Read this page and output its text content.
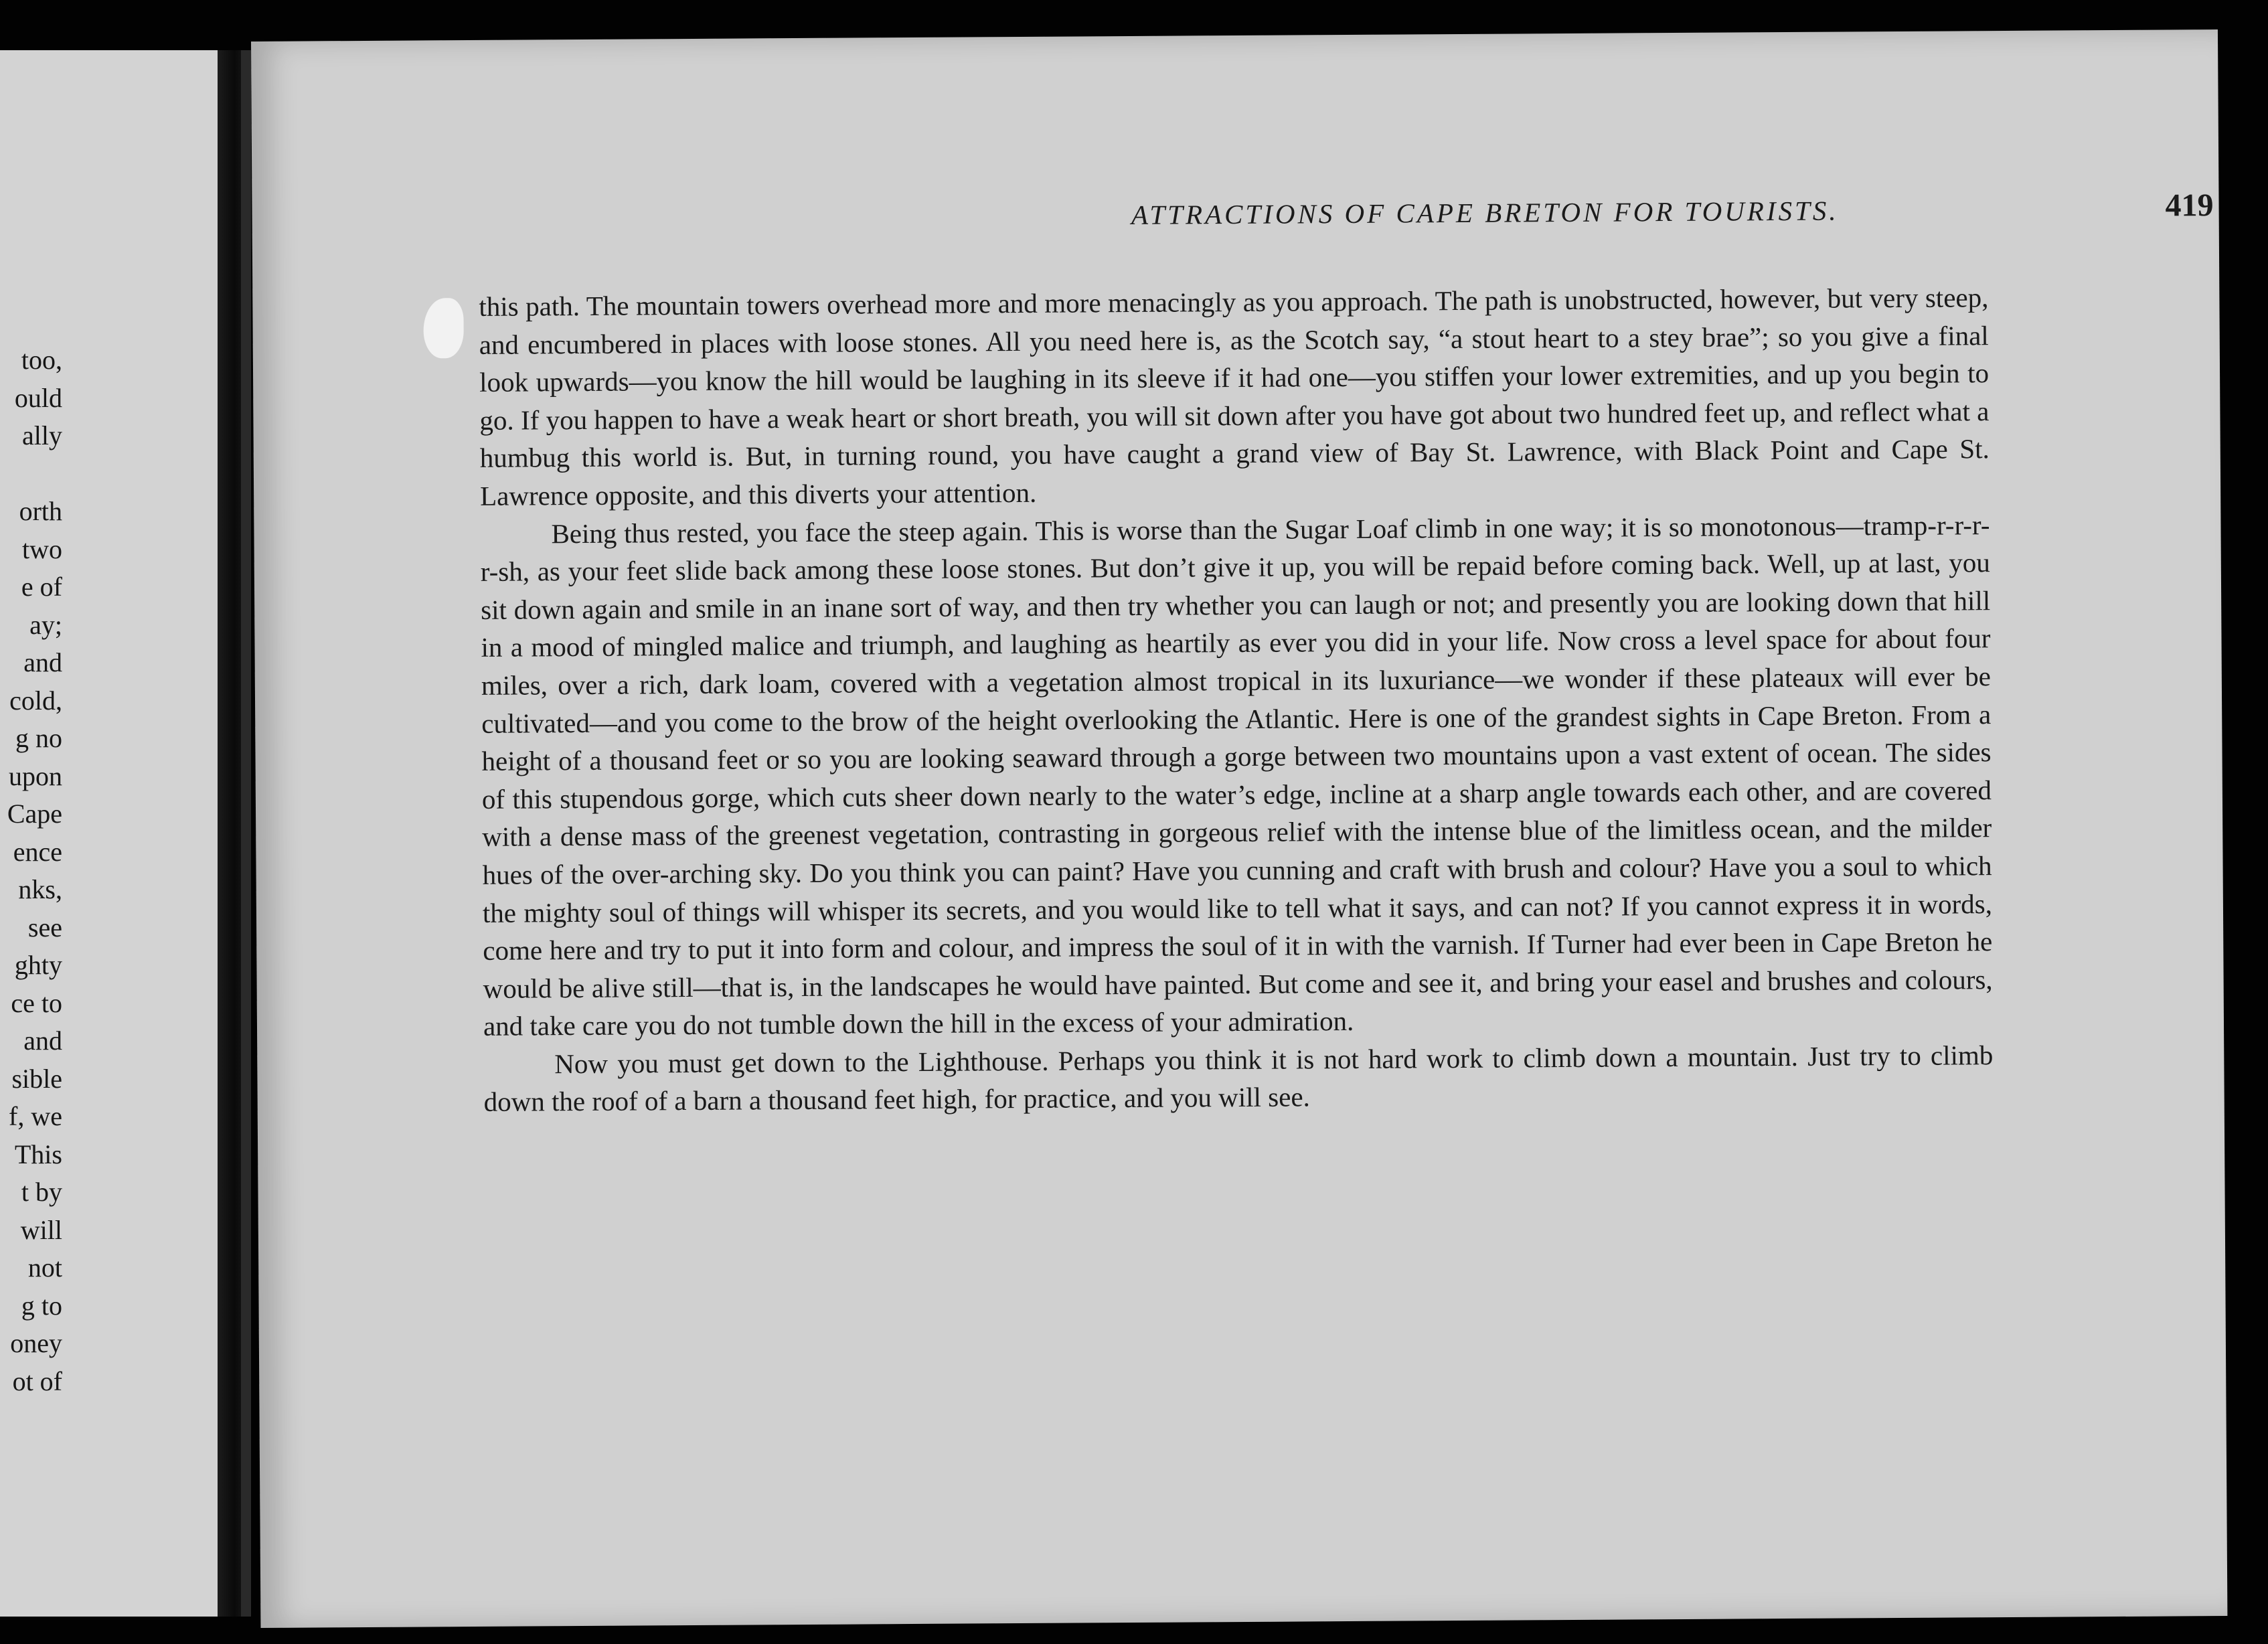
too,
ould
ally
orth
two
e of
ay;
and
cold,
g no
upon
Cape
ence
nks,
see
ghty
ce to
and
sible
f, we
This
t by
will
not
g to
oney
ot of
ATTRACTIONS OF CAPE BRETON FOR TOURISTS.	419

this path. The mountain towers overhead more and more menacingly as you approach. The path is unobstructed, however, but very steep, and encumbered in places with loose stones. All you need here is, as the Scotch say, “a stout heart to a stey brae”; so you give a final look upwards—you know the hill would be laughing in its sleeve if it had one—you stiffen your lower extremities, and up you begin to go. If you happen to have a weak heart or short breath, you will sit down after you have got about two hundred feet up, and reflect what a humbug this world is. But, in turning round, you have caught a grand view of Bay St. Lawrence, with Black Point and Cape St. Lawrence opposite, and this diverts your attention.

Being thus rested, you face the steep again. This is worse than the Sugar Loaf climb in one way; it is so monotonous—tramp-r-r-r-r-sh, as your feet slide back among these loose stones. But don’t give it up, you will be repaid before coming back. Well, up at last, you sit down again and smile in an inane sort of way, and then try whether you can laugh or not; and presently you are looking down that hill in a mood of mingled malice and triumph, and laughing as heartily as ever you did in your life. Now cross a level space for about four miles, over a rich, dark loam, covered with a vegetation almost tropical in its luxuriance—we wonder if these plateaux will ever be cultivated—and you come to the brow of the height overlooking the Atlantic. Here is one of the grandest sights in Cape Breton. From a height of a thousand feet or so you are looking seaward through a gorge between two mountains upon a vast extent of ocean. The sides of this stupendous gorge, which cuts sheer down nearly to the water’s edge, incline at a sharp angle towards each other, and are covered with a dense mass of the greenest vegetation, contrasting in gorgeous relief with the intense blue of the limitless ocean, and the milder hues of the over-arching sky. Do you think you can paint? Have you cunning and craft with brush and colour? Have you a soul to which the mighty soul of things will whisper its secrets, and you would like to tell what it says, and can not? If you cannot express it in words, come here and try to put it into form and colour, and impress the soul of it in with the varnish. If Turner had ever been in Cape Breton he would be alive still—that is, in the landscapes he would have painted. But come and see it, and bring your easel and brushes and colours, and take care you do not tumble down the hill in the excess of your admiration.

Now you must get down to the Lighthouse. Perhaps you think it is not hard work to climb down a mountain. Just try to climb down the roof of a barn a thousand feet high, for practice, and you will see.
